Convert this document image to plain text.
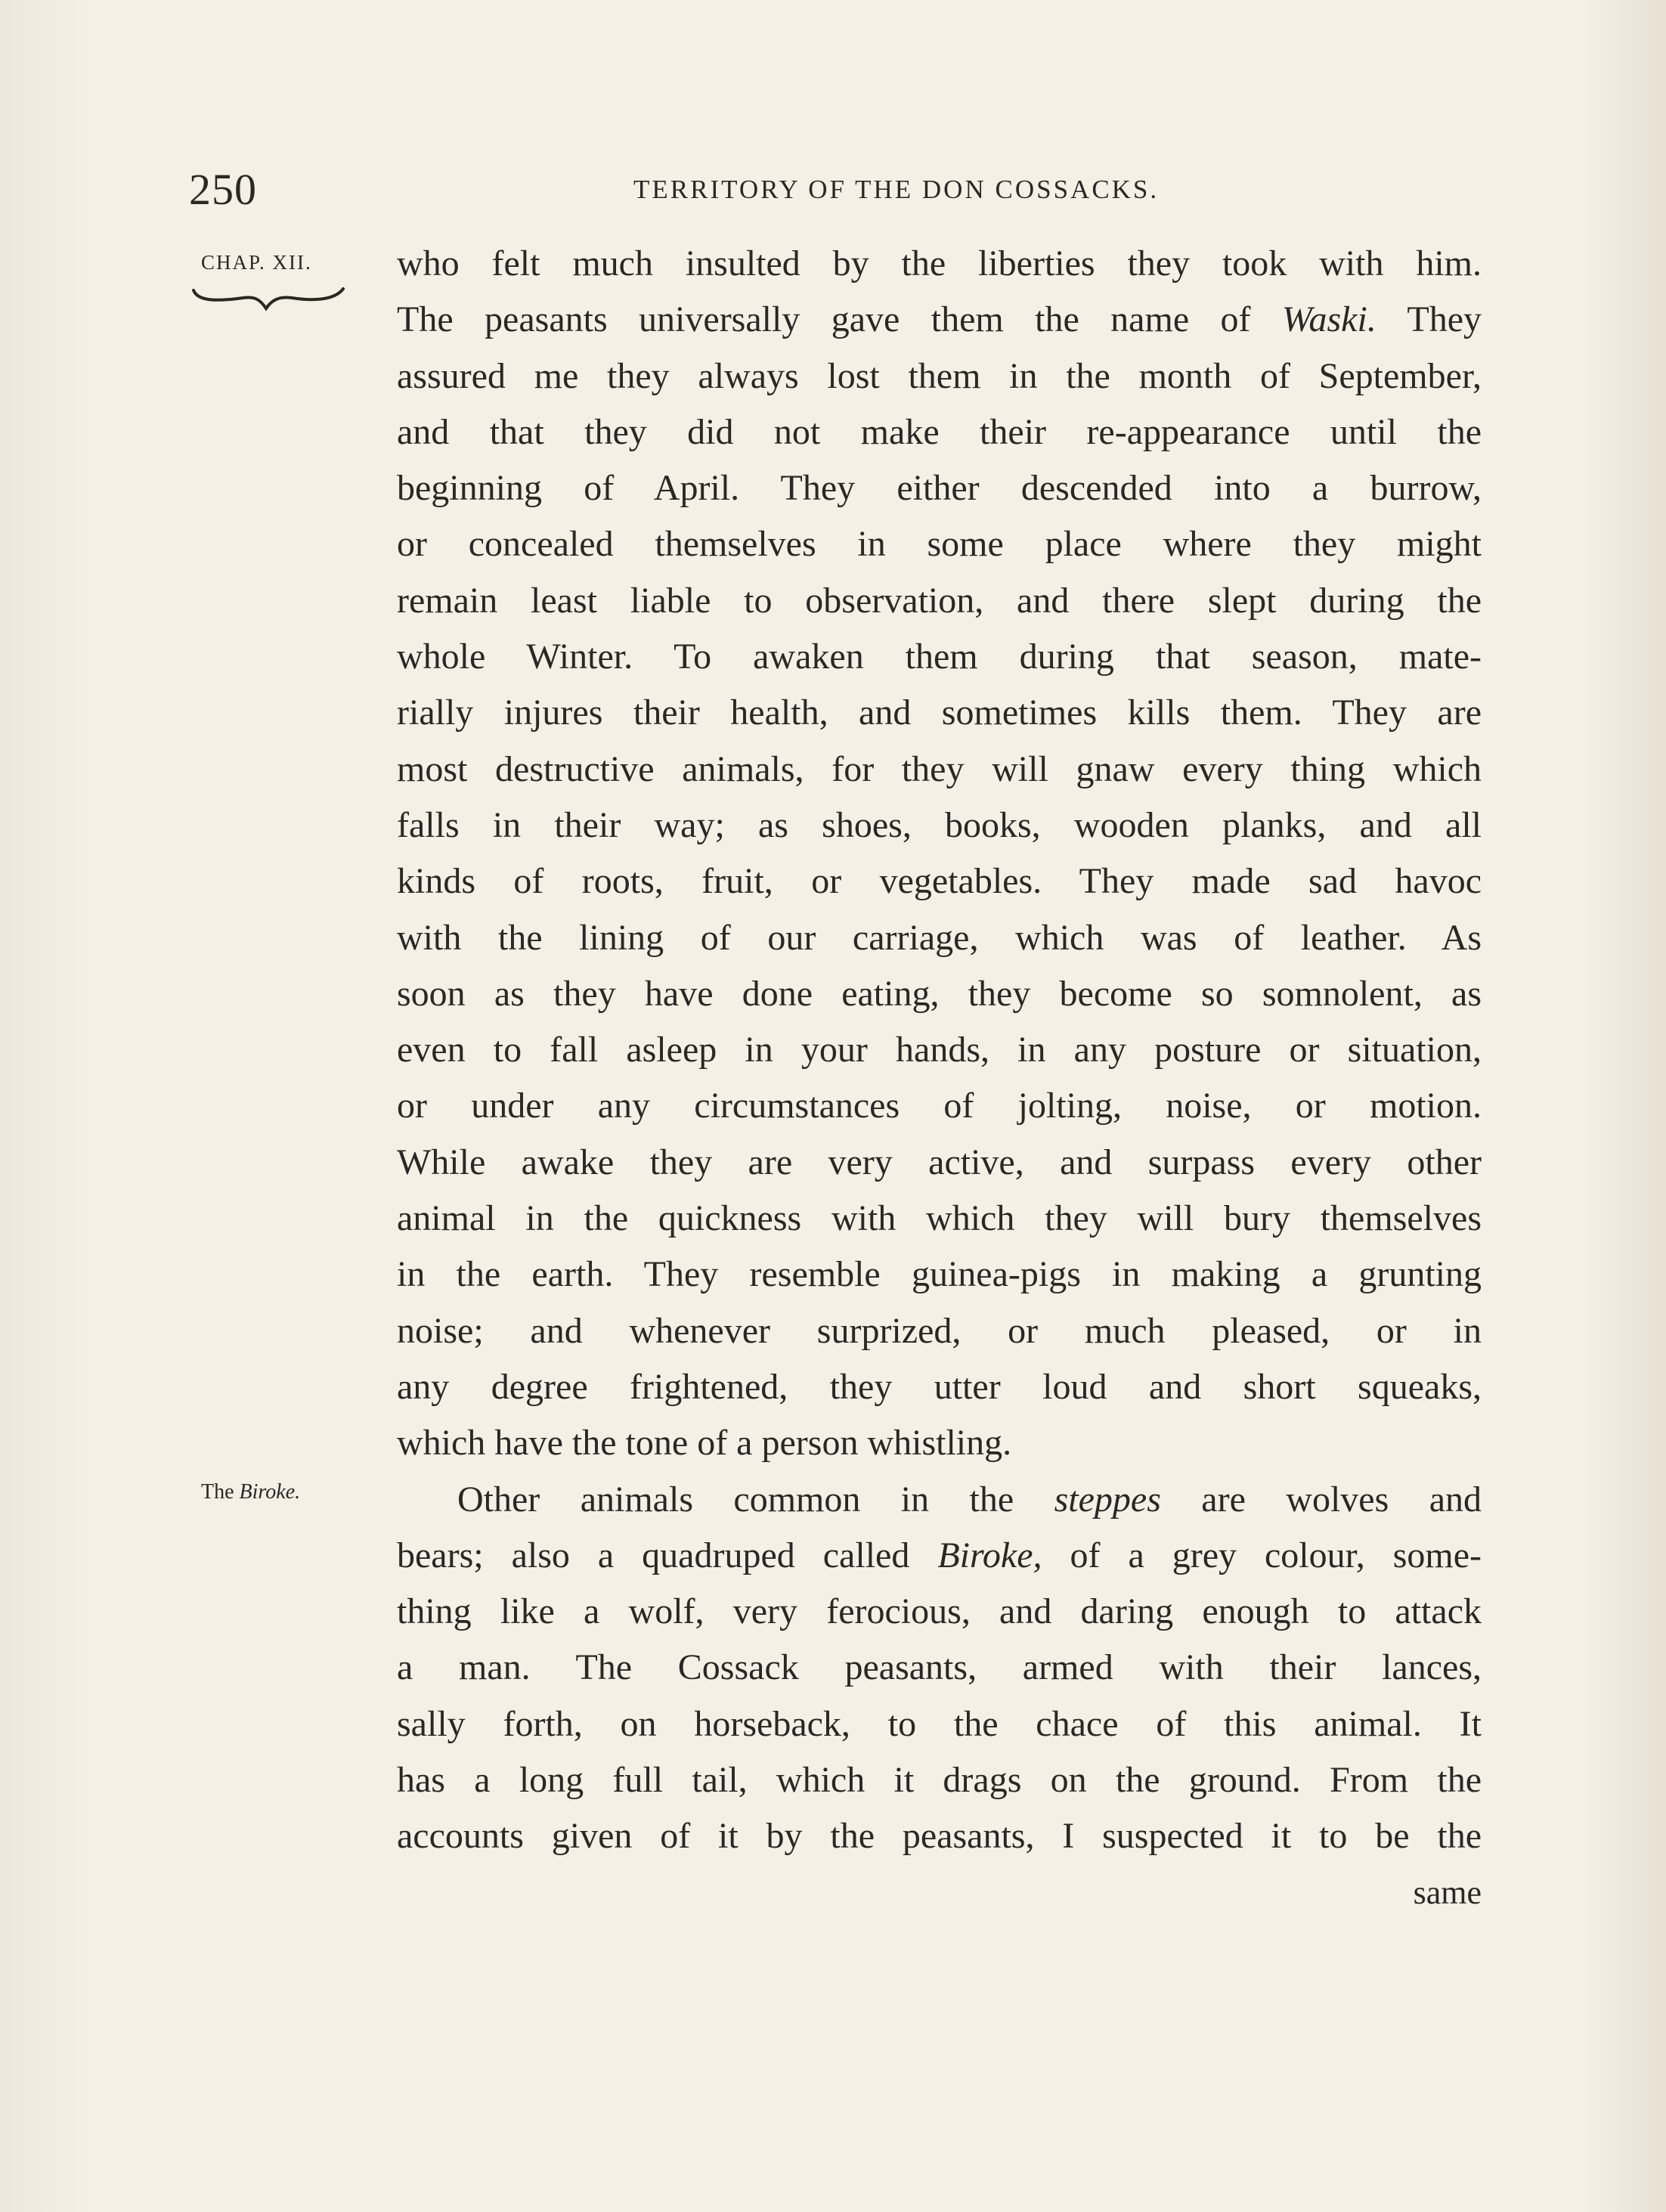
250	TERRITORY OF THE DON COSSACKS.
CHAP. XII.
The Biroke.
who felt much insulted by the liberties they took with him.
The peasants universally gave them the name of Waski. They
assured me they always lost them in the month of September,
and that they did not make their re-appearance until the
beginning of April. They either descended into a burrow,
or concealed themselves in some place where they might
remain least liable to observation, and there slept during the
whole Winter. To awaken them during that season, mate-
rially injures their health, and sometimes kills them. They are
most destructive animals, for they will gnaw every thing which
falls in their way; as shoes, books, wooden planks, and all
kinds of roots, fruit, or vegetables. They made sad havoc
with the lining of our carriage, which was of leather. As
soon as they have done eating, they become so somnolent, as
even to fall asleep in your hands, in any posture or situation,
or under any circumstances of jolting, noise, or motion.
While awake they are very active, and surpass every other
animal in the quickness with which they will bury themselves
in the earth. They resemble guinea-pigs in making a grunting
noise; and whenever surprized, or much pleased, or in
any degree frightened, they utter loud and short squeaks,
which have the tone of a person whistling.
Other animals common in the steppes are wolves and
bears; also a quadruped called Biroke, of a grey colour, some-
thing like a wolf, very ferocious, and daring enough to attack
a man. The Cossack peasants, armed with their lances,
sally forth, on horseback, to the chace of this animal. It
has a long full tail, which it drags on the ground. From the
accounts given of it by the peasants, I suspected it to be the
same
